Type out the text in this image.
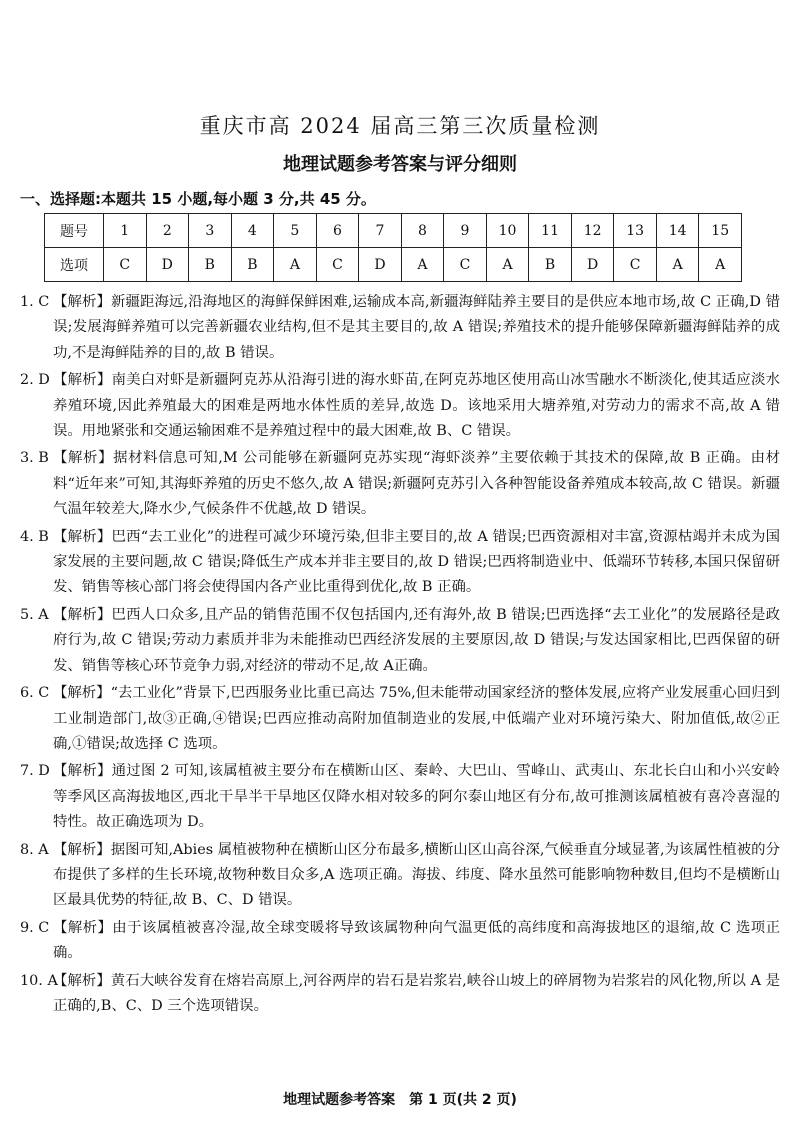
重庆市高 2024 届高三第三次质量检测
地理试题参考答案与评分细则
一、选择题:本题共 15 小题,每小题 3 分,共 45 分。
题号	1	2	3	4	5	6	7	8	9	10	11	12	13	14	15
选项	C	D	B	B	A	C	D	A	C	A	B	D	C	A	A
1. C 【解析】新疆距海远,沿海地区的海鲜保鲜困难,运输成本高,新疆海鲜陆养主要目的是供应本地市场,故 C 正确,D 错误;发展海鲜养殖可以完善新疆农业结构,但不是其主要目的,故 A 错误;养殖技术的提升能够保障新疆海鲜陆养的成功,不是海鲜陆养的目的,故 B 错误。
2. D 【解析】南美白对虾是新疆阿克苏从沿海引进的海水虾苗,在阿克苏地区使用高山冰雪融水不断淡化,使其适应淡水养殖环境,因此养殖最大的困难是两地水体性质的差异,故选 D。该地采用大塘养殖,对劳动力的需求不高,故 A 错误。用地紧张和交通运输困难不是养殖过程中的最大困难,故 B、C 错误。
3. B 【解析】据材料信息可知,M 公司能够在新疆阿克苏实现“海虾淡养”主要依赖于其技术的保障,故 B 正确。由材料“近年来”可知,其海虾养殖的历史不悠久,故 A 错误;新疆阿克苏引入各种智能设备养殖成本较高,故 C 错误。新疆气温年较差大,降水少,气候条件不优越,故 D 错误。
4. B 【解析】巴西“去工业化”的进程可减少环境污染,但非主要目的,故 A 错误;巴西资源相对丰富,资源枯竭并未成为国家发展的主要问题,故 C 错误;降低生产成本并非主要目的,故 D 错误;巴西将制造业中、低端环节转移,本国只保留研发、销售等核心部门将会使得国内各产业比重得到优化,故 B 正确。
5. A 【解析】巴西人口众多,且产品的销售范围不仅包括国内,还有海外,故 B 错误;巴西选择“去工业化”的发展路径是政府行为,故 C 错误;劳动力素质并非为未能推动巴西经济发展的主要原因,故 D 错误;与发达国家相比,巴西保留的研发、销售等核心环节竞争力弱,对经济的带动不足,故 A正确。
6. C 【解析】“去工业化”背景下,巴西服务业比重已高达 75%,但未能带动国家经济的整体发展,应将产业发展重心回归到工业制造部门,故③正确,④错误;巴西应推动高附加值制造业的发展,中低端产业对环境污染大、附加值低,故②正确,①错误;故选择 C 选项。
7. D 【解析】通过图 2 可知,该属植被主要分布在横断山区、秦岭、大巴山、雪峰山、武夷山、东北长白山和小兴安岭等季风区高海拔地区,西北干旱半干旱地区仅降水相对较多的阿尔泰山地区有分布,故可推测该属植被有喜冷喜湿的特性。故正确选项为 D。
8. A 【解析】据图可知,Abies 属植被物种在横断山区分布最多,横断山区山高谷深,气候垂直分域显著,为该属性植被的分布提供了多样的生长环境,故物种数目众多,A 选项正确。海拔、纬度、降水虽然可能影响物种数目,但均不是横断山区最具优势的特征,故 B、C、D 错误。
9. C 【解析】由于该属植被喜冷湿,故全球变暖将导致该属物种向气温更低的高纬度和高海拔地区的退缩,故 C 选项正确。
10. A
【解析】黄石大峡谷发育在熔岩高原上,河谷两岸的岩石是岩浆岩,峡谷山坡上的碎屑物为岩浆岩的风化物,所以 A 是正确的,B、C、D 三个选项错误。
地理试题参考答案　第 1 页(共 2 页)
